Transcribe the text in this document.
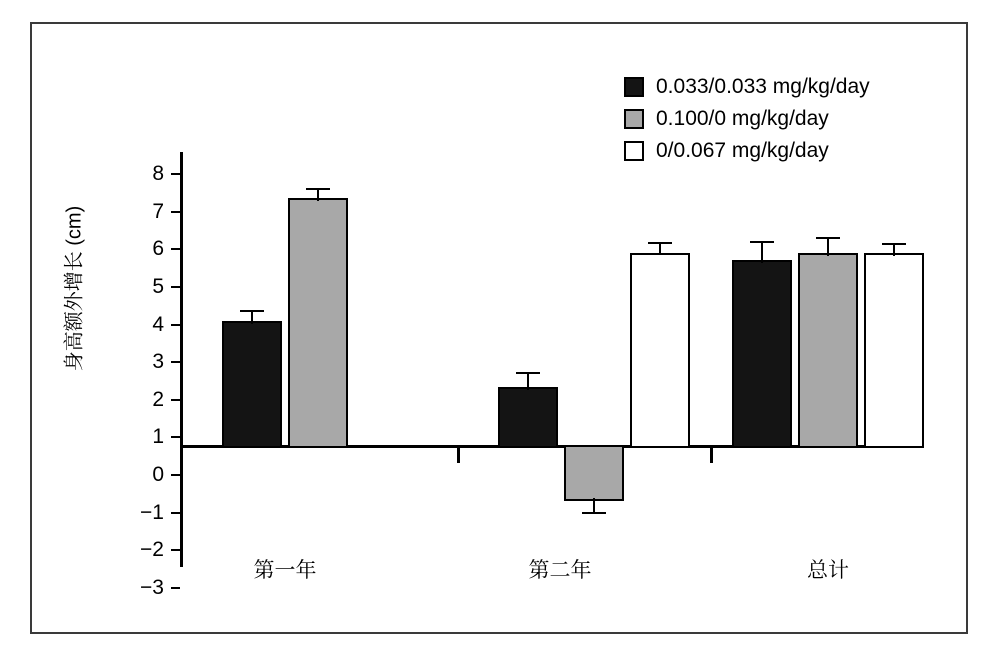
8
7
6
5
4
3
2
1
0
−1
−2
−3
身高额外增长 (cm)
第一年	第二年	总计
0.033/0.033 mg/kg/day
0.100/0 mg/kg/day
0/0.067 mg/kg/day
